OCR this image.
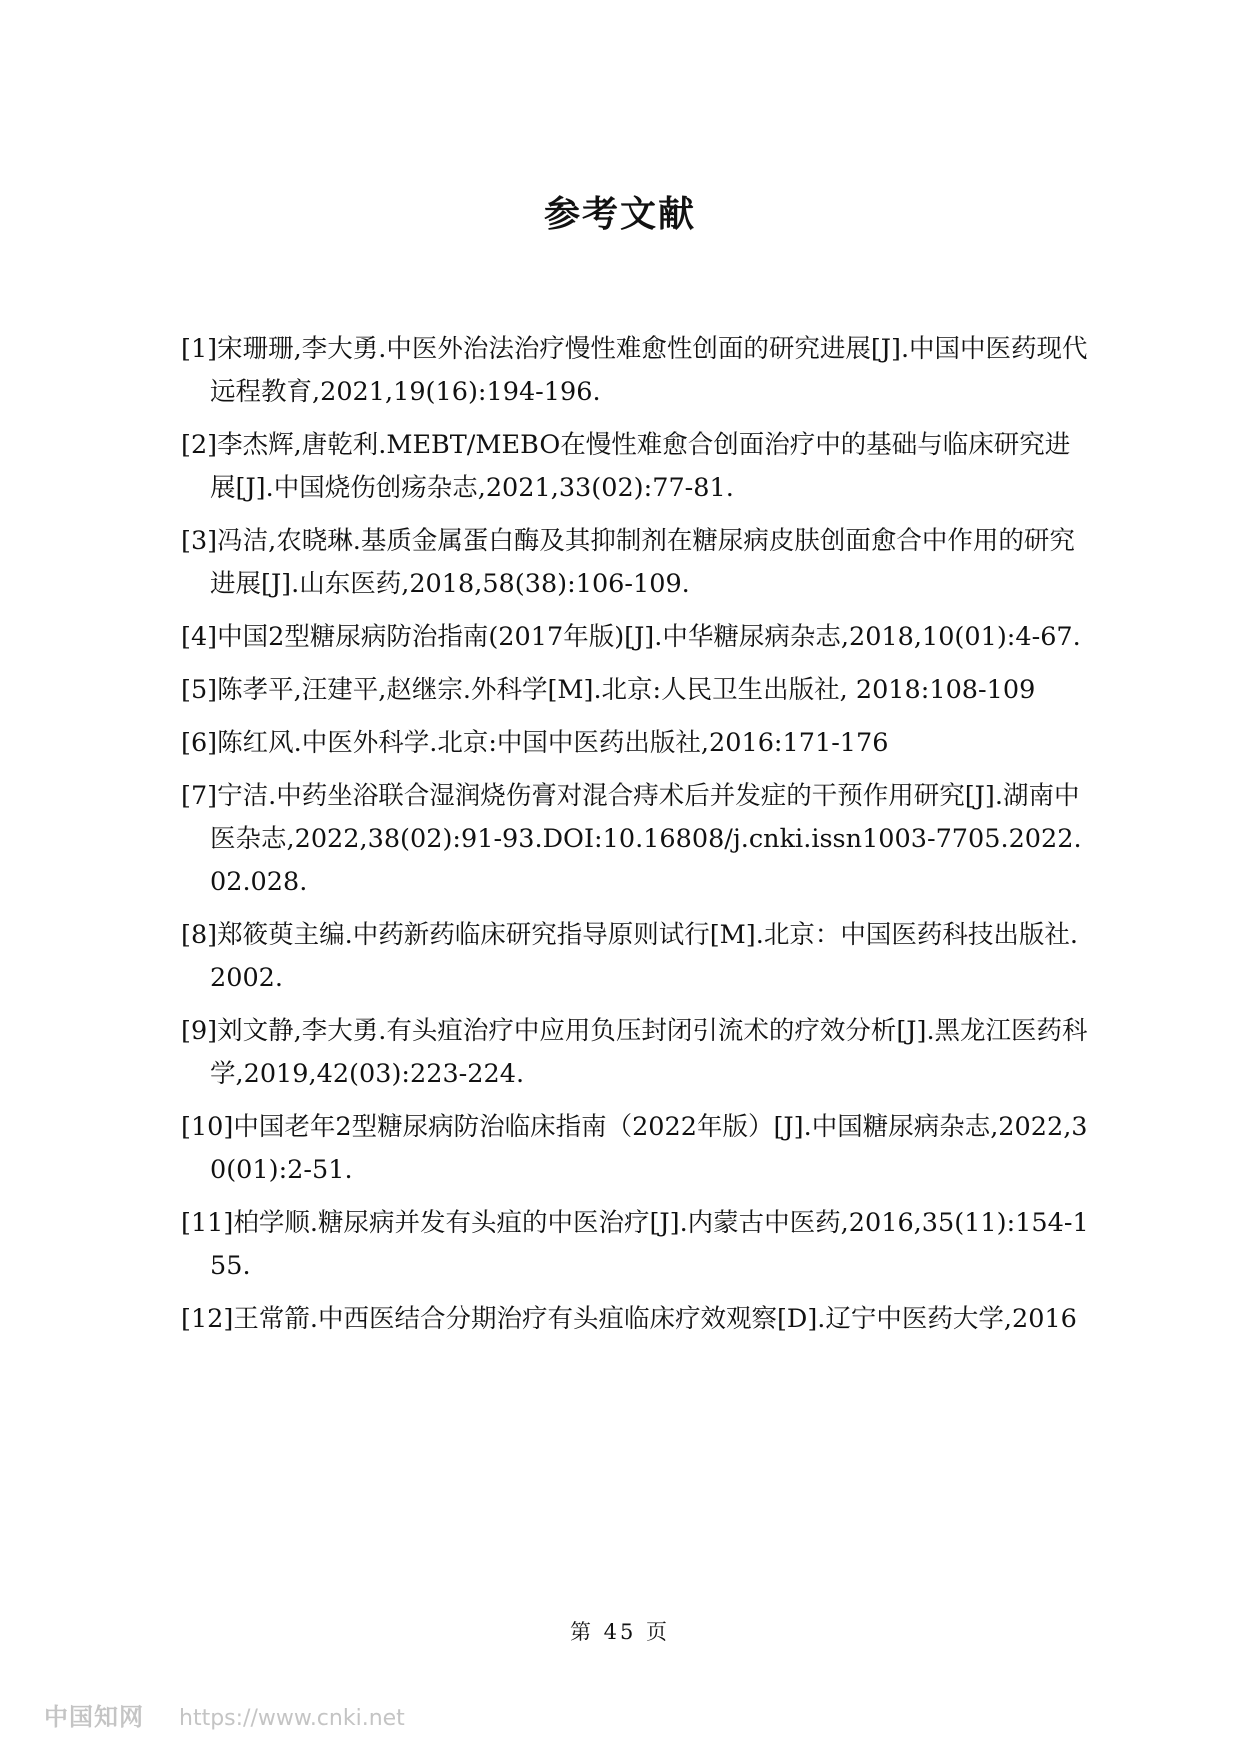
参考文献
[1]宋珊珊,李大勇.中医外治法治疗慢性难愈性创面的研究进展[J].中国中医药现代远程教育,2021,19(16):194-196.
[2]李杰辉,唐乾利.MEBT/MEBO在慢性难愈合创面治疗中的基础与临床研究进展[J].中国烧伤创疡杂志,2021,33(02):77-81.
[3]冯洁,农晓琳.基质金属蛋白酶及其抑制剂在糖尿病皮肤创面愈合中作用的研究进展[J].山东医药,2018,58(38):106-109.
[4]中国2型糖尿病防治指南(2017年版)[J].中华糖尿病杂志,2018,10(01):4-67.
[5]陈孝平,汪建平,赵继宗.外科学[M].北京:人民卫生出版社, 2018:108-109
[6]陈红风.中医外科学.北京:中国中医药出版社,2016:171-176
[7]宁洁.中药坐浴联合湿润烧伤膏对混合痔术后并发症的干预作用研究[J].湖南中医杂志,2022,38(02):91-93.DOI:10.16808/j.cnki.issn1003-7705.2022.02.028.
[8]郑筱萸主编.中药新药临床研究指导原则试行[M].北京：中国医药科技出版社.2002.
[9]刘文静,李大勇.有头疽治疗中应用负压封闭引流术的疗效分析[J].黑龙江医药科学,2019,42(03):223-224.
[10]中国老年2型糖尿病防治临床指南（2022年版）[J].中国糖尿病杂志,2022,30(01):2-51.
[11]柏学顺.糖尿病并发有头疽的中医治疗[J].内蒙古中医药,2016,35(11):154-155.
[12]王常箭.中西医结合分期治疗有头疽临床疗效观察[D].辽宁中医药大学,2016
第 45 页
中国知网 https://www.cnki.net
